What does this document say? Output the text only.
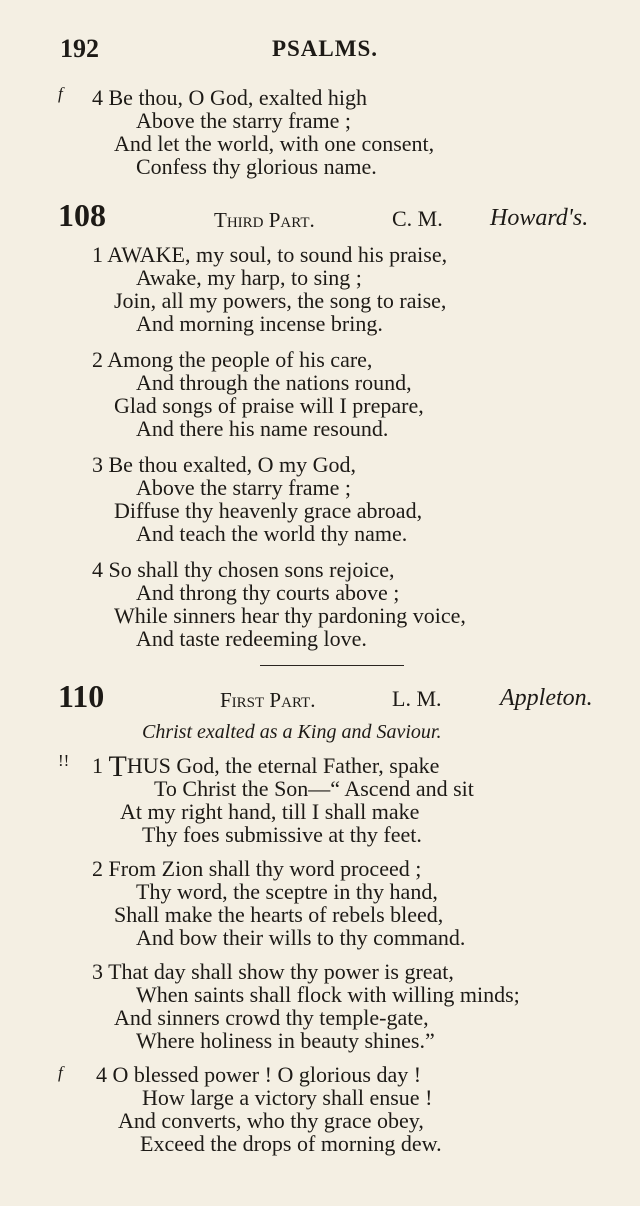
192	PSALMS.
f 4 Be thou, O God, exalted high
Above the starry frame ;
And let the world, with one consent,
Confess thy glorious name.
108	Third Part.	C. M. Howard's.
1 AWAKE, my soul, to sound his praise,
Awake, my harp, to sing ;
Join, all my powers, the song to raise,
And morning incense bring.
2 Among the people of his care,
And through the nations round,
Glad songs of praise will I prepare,
And there his name resound.
3 Be thou exalted, O my God,
Above the starry frame ;
Diffuse thy heavenly grace abroad,
And teach the world thy name.
4 So shall thy chosen sons rejoice,
And throng thy courts above ;
While sinners hear thy pardoning voice,
And taste redeeming love.
110	First Part.	L. M. Appleton.
Christ exalted as a King and Saviour.
!! 1 THUS God, the eternal Father, spake
To Christ the Son—“ Ascend and sit
At my right hand, till I shall make
Thy foes submissive at thy feet.
2 From Zion shall thy word proceed ;
Thy word, the sceptre in thy hand,
Shall make the hearts of rebels bleed,
And bow their wills to thy command.
3 That day shall show thy power is great,
When saints shall flock with willing minds;
And sinners crowd thy temple-gate,
Where holiness in beauty shines.”
f 4 O blessed power ! O glorious day !
How large a victory shall ensue !
And converts, who thy grace obey,
Exceed the drops of morning dew.
